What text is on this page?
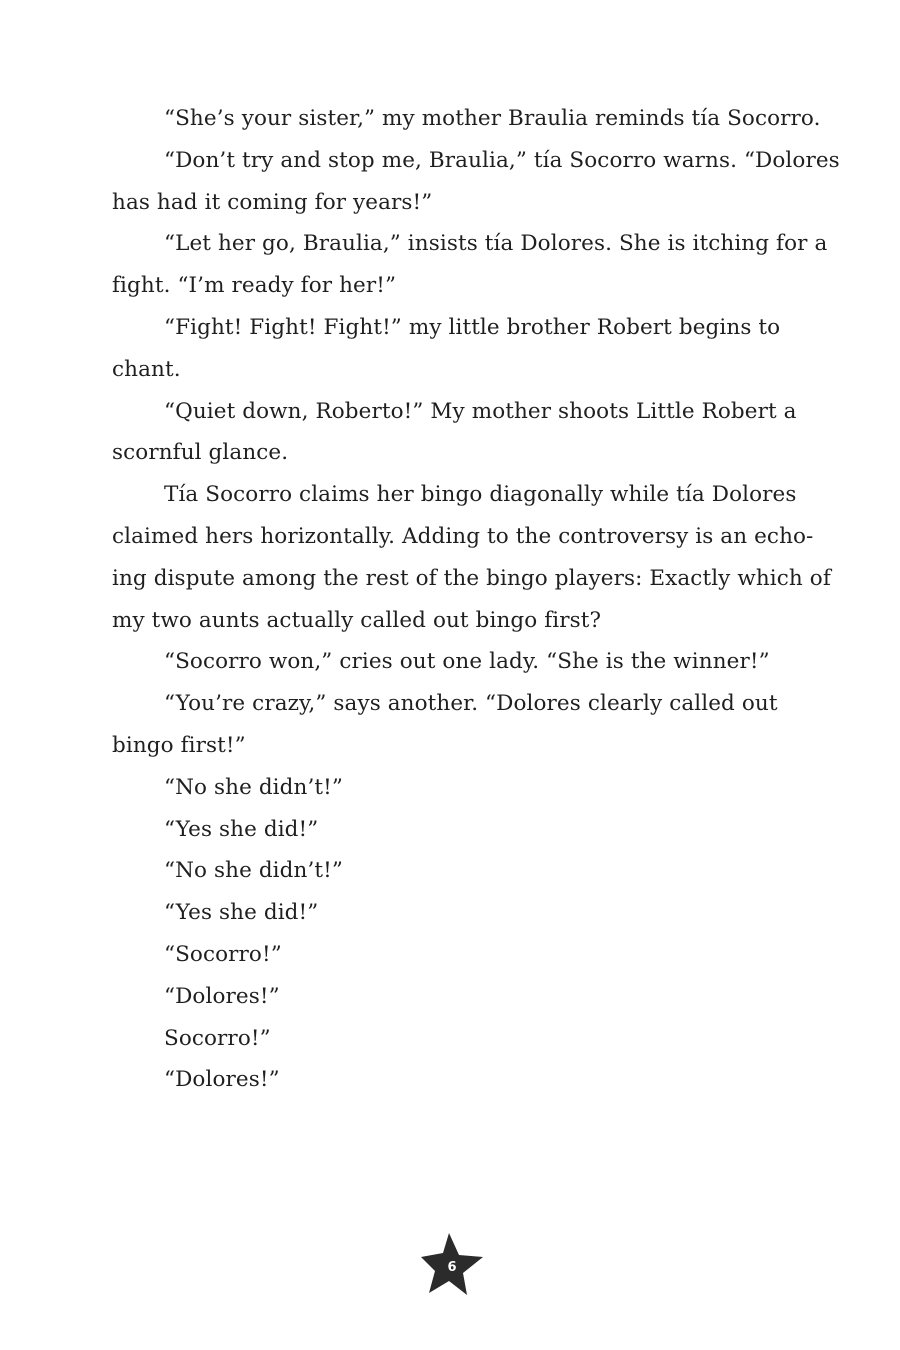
“She’s your sister,” my mother Braulia reminds tía Socorro.

“Don’t try and stop me, Braulia,” tía Socorro warns. “Dolores
has had it coming for years!”

“Let her go, Braulia,” insists tía Dolores. She is itching for a
fight. “I’m ready for her!”

“Fight! Fight! Fight!” my little brother Robert begins to
chant.

“Quiet down, Roberto!” My mother shoots Little Robert a
scornful glance.

Tía Socorro claims her bingo diagonally while tía Dolores
claimed hers horizontally. Adding to the controversy is an echo-
ing dispute among the rest of the bingo players: Exactly which of
my two aunts actually called out bingo first?

“Socorro won,” cries out one lady. “She is the winner!”

“You’re crazy,” says another. “Dolores clearly called out
bingo first!”

“No she didn’t!”

“Yes she did!”

“No she didn’t!”

“Yes she did!”

“Socorro!”

“Dolores!”

Socorro!”

“Dolores!”

6
